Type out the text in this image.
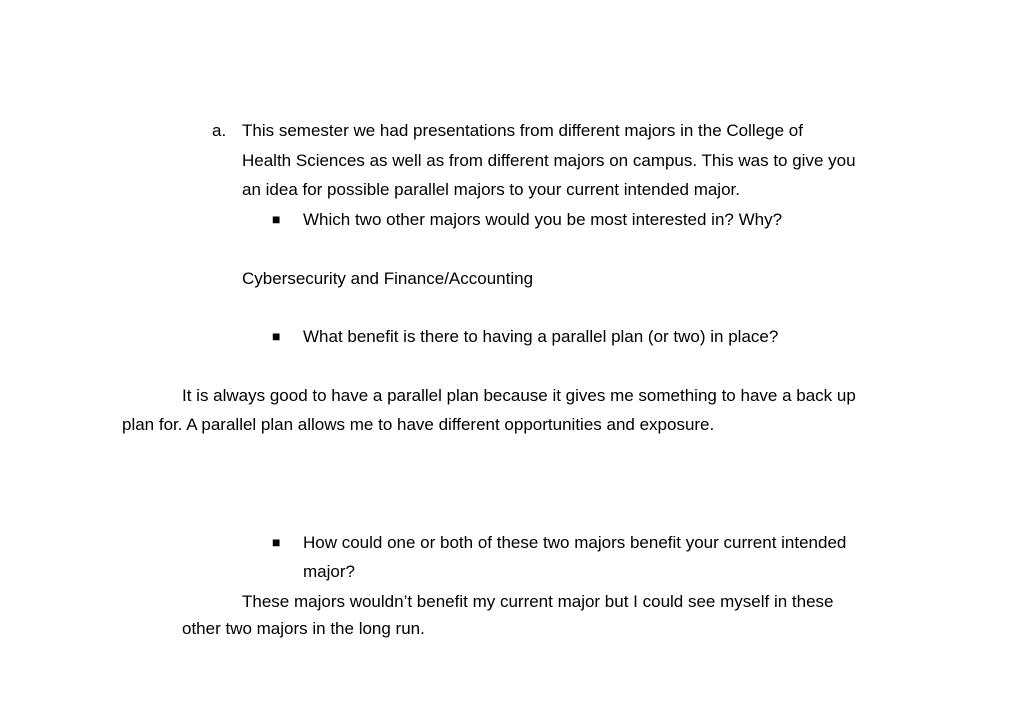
a. This semester we had presentations from different majors in the College of
Health Sciences as well as from different majors on campus. This was to give you
an idea for possible parallel majors to your current intended major.
■ Which two other majors would you be most interested in? Why?
Cybersecurity and Finance/Accounting
■ What benefit is there to having a parallel plan (or two) in place?
It is always good to have a parallel plan because it gives me something to have a back up
plan for. A parallel plan allows me to have different opportunities and exposure.
■ How could one or both of these two majors benefit your current intended
major?
These majors wouldn’t benefit my current major but I could see myself in these
other two majors in the long run.
